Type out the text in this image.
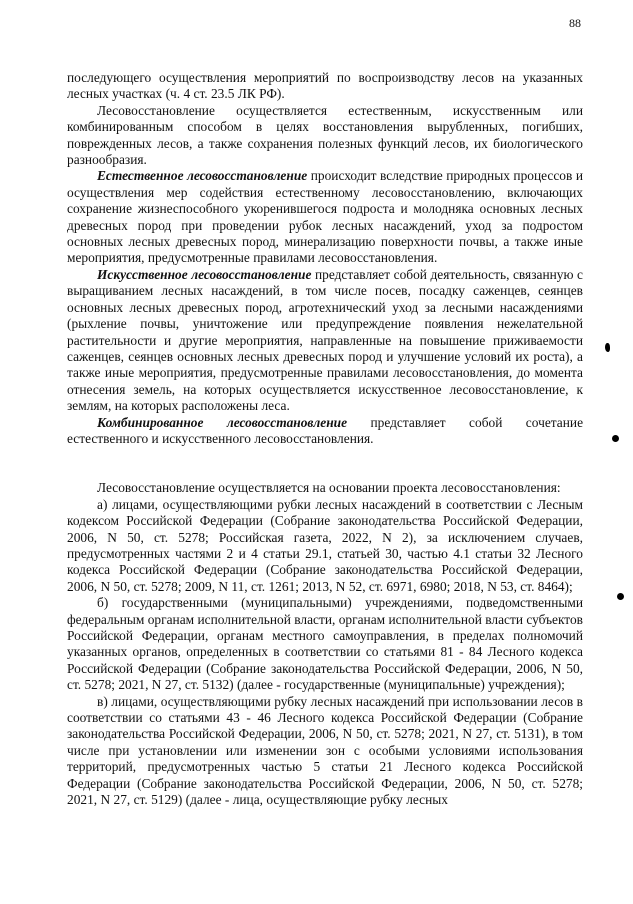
88

последующего осуществления мероприятий по воспроизводству лесов на указанных лесных участках (ч. 4 ст. 23.5 ЛК РФ).

Лесовосстановление осуществляется естественным, искусственным или комбинированным способом в целях восстановления вырубленных, погибших, поврежденных лесов, а также сохранения полезных функций лесов, их биологического разнообразия.

Естественное лесовосстановление происходит вследствие природных процессов и осуществления мер содействия естественному лесовосстановлению, включающих сохранение жизнеспособного укоренившегося подроста и молодняка основных лесных древесных пород при проведении рубок лесных насаждений, уход за подростом основных лесных древесных пород, минерализацию поверхности почвы, а также иные мероприятия, предусмотренные правилами лесовосстановления.

Искусственное лесовосстановление представляет собой деятельность, связанную с выращиванием лесных насаждений, в том числе посев, посадку саженцев, сеянцев основных лесных древесных пород, агротехнический уход за лесными насаждениями (рыхление почвы, уничтожение или предупреждение появления нежелательной растительности и другие мероприятия, направленные на повышение приживаемости саженцев, сеянцев основных лесных древесных пород и улучшение условий их роста), а также иные мероприятия, предусмотренные правилами лесовосстановления, до момента отнесения земель, на которых осуществляется искусственное лесовосстановление, к землям, на которых расположены леса.

Комбинированное лесовосстановление представляет собой сочетание естественного и искусственного лесовосстановления.

Лесовосстановление осуществляется на основании проекта лесовосстановления:

а) лицами, осуществляющими рубки лесных насаждений в соответствии с Лесным кодексом Российской Федерации (Собрание законодательства Российской Федерации, 2006, N 50, ст. 5278; Российская газета, 2022, N 2), за исключением случаев, предусмотренных частями 2 и 4 статьи 29.1, статьей 30, частью 4.1 статьи 32 Лесного кодекса Российской Федерации (Собрание законодательства Российской Федерации, 2006, N 50, ст. 5278; 2009, N 11, ст. 1261; 2013, N 52, ст. 6971, 6980; 2018, N 53, ст. 8464);

б) государственными (муниципальными) учреждениями, подведомственными федеральным органам исполнительной власти, органам исполнительной власти субъектов Российской Федерации, органам местного самоуправления, в пределах полномочий указанных органов, определенных в соответствии со статьями 81 - 84 Лесного кодекса Российской Федерации (Собрание законодательства Российской Федерации, 2006, N 50, ст. 5278; 2021, N 27, ст. 5132) (далее - государственные (муниципальные) учреждения);

в) лицами, осуществляющими рубку лесных насаждений при использовании лесов в соответствии со статьями 43 - 46 Лесного кодекса Российской Федерации (Собрание законодательства Российской Федерации, 2006, N 50, ст. 5278; 2021, N 27, ст. 5131), в том числе при установлении или изменении зон с особыми условиями использования территорий, предусмотренных частью 5 статьи 21 Лесного кодекса Российской Федерации (Собрание законодательства Российской Федерации, 2006, N 50, ст. 5278; 2021, N 27, ст. 5129) (далее - лица, осуществляющие рубку лесных
